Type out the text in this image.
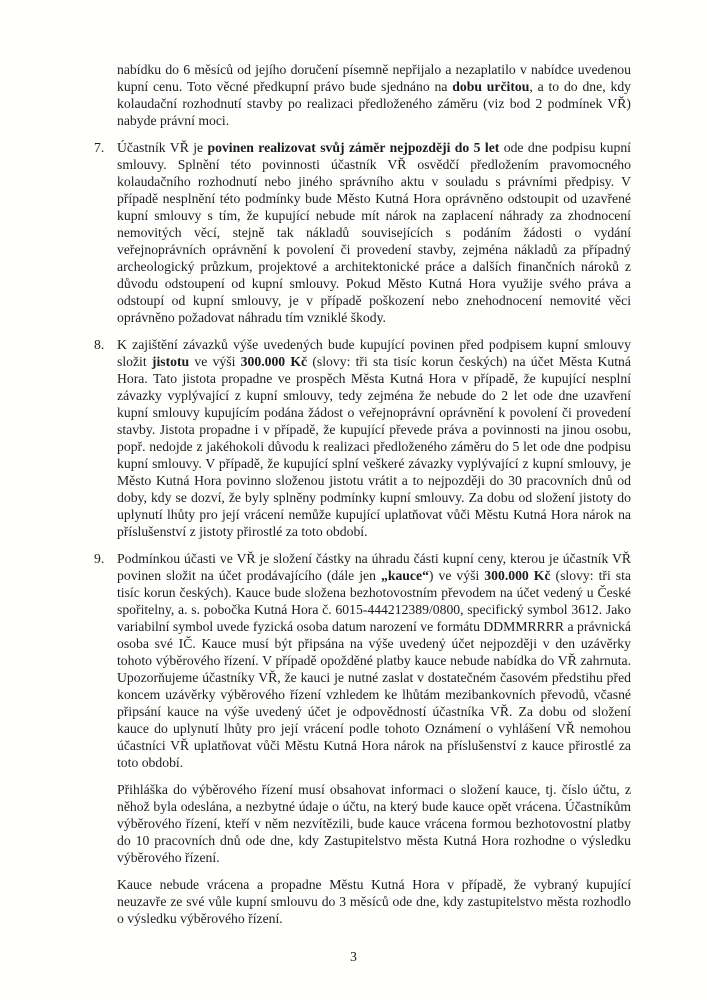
nabídku do 6 měsíců od jejího doručení písemně nepřijalo a nezaplatilo v nabídce uvedenou kupní cenu. Toto věcné předkupní právo bude sjednáno na dobu určitou, a to do dne, kdy kolaudační rozhodnutí stavby po realizaci předloženého záměru (viz bod 2 podmínek VŘ) nabyde právní moci.
7. Účastník VŘ je povinen realizovat svůj záměr nejpozději do 5 let ode dne podpisu kupní smlouvy. Splnění této povinnosti účastník VŘ osvědčí předložením pravomocného kolaudačního rozhodnutí nebo jiného správního aktu v souladu s právními předpisy. V případě nesplnění této podmínky bude Město Kutná Hora oprávněno odstoupit od uzavřené kupní smlouvy s tím, že kupující nebude mít nárok na zaplacení náhrady za zhodnocení nemovitých věcí, stejně tak nákladů souvisejících s podáním žádosti o vydání veřejnoprávních oprávnění k povolení či provedení stavby, zejména nákladů za případný archeologický průzkum, projektové a architektonické práce a dalších finančních nároků z důvodu odstoupení od kupní smlouvy. Pokud Město Kutná Hora využije svého práva a odstoupí od kupní smlouvy, je v případě poškození nebo znehodnocení nemovité věci oprávněno požadovat náhradu tím vzniklé škody.
8. K zajištění závazků výše uvedených bude kupující povinen před podpisem kupní smlouvy složit jistotu ve výši 300.000 Kč (slovy: tři sta tisíc korun českých) na účet Města Kutná Hora. Tato jistota propadne ve prospěch Města Kutná Hora v případě, že kupující nesplní závazky vyplývající z kupní smlouvy, tedy zejména že nebude do 2 let ode dne uzavření kupní smlouvy kupujícím podána žádost o veřejnoprávní oprávnění k povolení či provedení stavby. Jistota propadne i v případě, že kupující převede práva a povinnosti na jinou osobu, popř. nedojde z jakéhokoli důvodu k realizaci předloženého záměru do 5 let ode dne podpisu kupní smlouvy. V případě, že kupující splní veškeré závazky vyplývající z kupní smlouvy, je Město Kutná Hora povinno složenou jistotu vrátit a to nejpozději do 30 pracovních dnů od doby, kdy se dozví, že byly splněny podmínky kupní smlouvy. Za dobu od složení jistoty do uplynutí lhůty pro její vrácení nemůže kupující uplatňovat vůči Městu Kutná Hora nárok na příslušenství z jistoty přirostlé za toto období.
9. Podmínkou účasti ve VŘ je složení částky na úhradu části kupní ceny, kterou je účastník VŘ povinen složit na účet prodávajícího (dále jen „kauce“) ve výši 300.000 Kč (slovy: tři sta tisíc korun českých). Kauce bude složena bezhotovostním převodem na účet vedený u České spořitelny, a. s. pobočka Kutná Hora č. 6015-444212389/0800, specifický symbol 3612. Jako variabilní symbol uvede fyzická osoba datum narození ve formátu DDMMRRRR a právnická osoba své IČ. Kauce musí být připsána na výše uvedený účet nejpozději v den uzávěrky tohoto výběrového řízení. V případě opožděné platby kauce nebude nabídka do VŘ zahrnuta. Upozorňujeme účastníky VŘ, že kauci je nutné zaslat v dostatečném časovém předstihu před koncem uzávěrky výběrového řízení vzhledem ke lhůtám mezibankovních převodů, včasné připsání kauce na výše uvedený účet je odpovědností účastníka VŘ. Za dobu od složení kauce do uplynutí lhůty pro její vrácení podle tohoto Oznámení o vyhlášení VŘ nemohou účastníci VŘ uplatňovat vůči Městu Kutná Hora nárok na příslušenství z kauce přirostlé za toto období.
Přihláška do výběrového řízení musí obsahovat informaci o složení kauce, tj. číslo účtu, z něhož byla odeslána, a nezbytné údaje o účtu, na který bude kauce opět vrácena. Účastníkům výběrového řízení, kteří v něm nezvítězili, bude kauce vrácena formou bezhotovostní platby do 10 pracovních dnů ode dne, kdy Zastupitelstvo města Kutná Hora rozhodne o výsledku výběrového řízení.
Kauce nebude vrácena a propadne Městu Kutná Hora v případě, že vybraný kupující neuzavře ze své vůle kupní smlouvu do 3 měsíců ode dne, kdy zastupitelstvo města rozhodlo o výsledku výběrového řízení.
3
